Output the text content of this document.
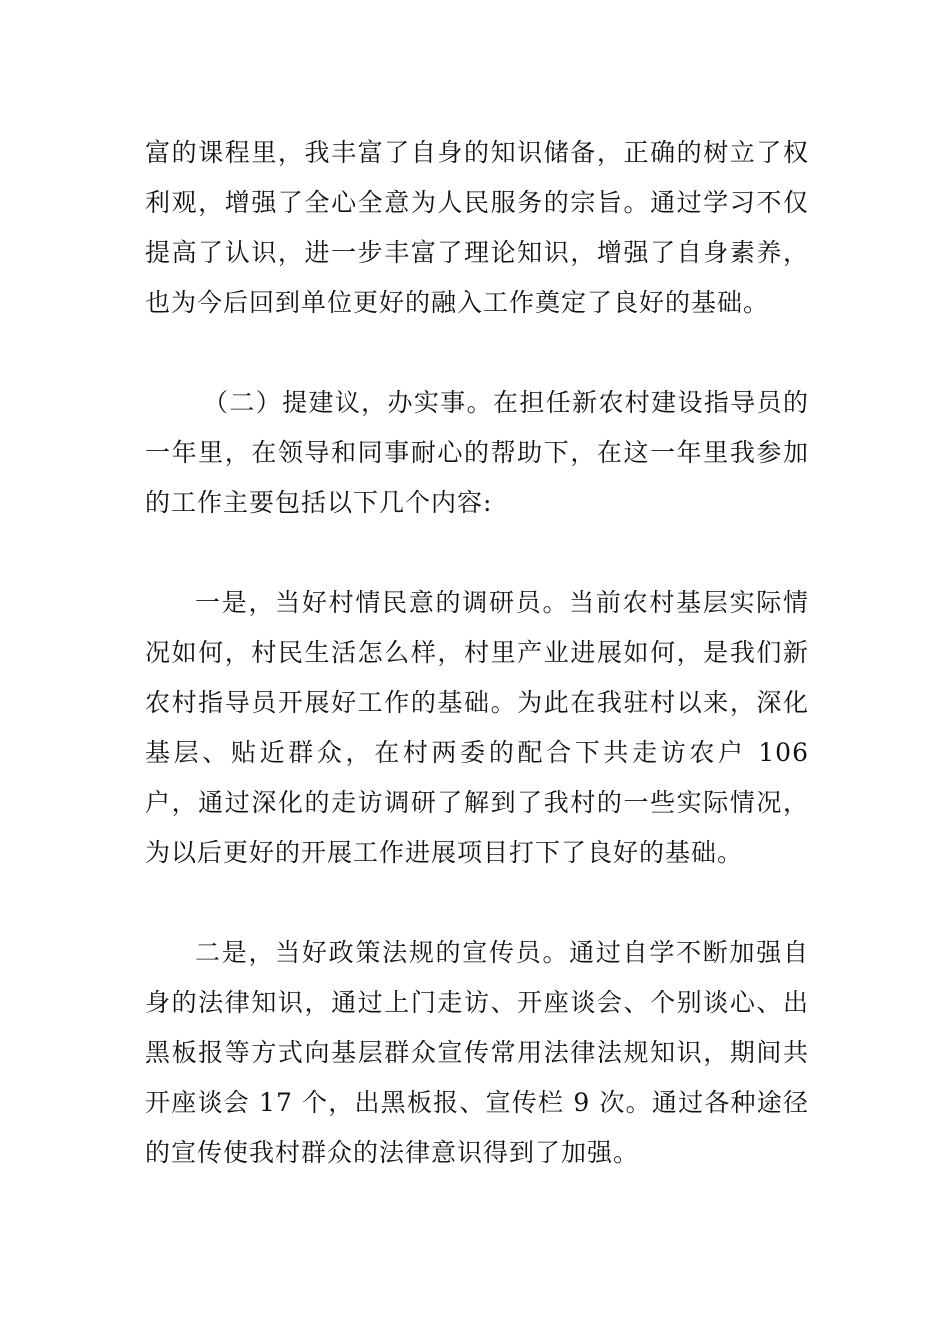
富的课程里，我丰富了自身的知识储备，正确的树立了权利观，增强了全心全意为人民服务的宗旨。通过学习不仅提高了认识，进一步丰富了理论知识，增强了自身素养，也为今后回到单位更好的融入工作奠定了良好的基础。

（二）提建议，办实事。在担任新农村建设指导员的一年里，在领导和同事耐心的帮助下，在这一年里我参加的工作主要包括以下几个内容:

一是，当好村情民意的调研员。当前农村基层实际情况如何，村民生活怎么样，村里产业进展如何，是我们新农村指导员开展好工作的基础。为此在我驻村以来，深化基层、贴近群众，在村两委的配合下共走访农户 106 户，通过深化的走访调研了解到了我村的一些实际情况，为以后更好的开展工作进展项目打下了良好的基础。

二是，当好政策法规的宣传员。通过自学不断加强自身的法律知识，通过上门走访、开座谈会、个别谈心、出黑板报等方式向基层群众宣传常用法律法规知识，期间共开座谈会 17 个，出黑板报、宣传栏 9 次。通过各种途径的宣传使我村群众的法律意识得到了加强。
